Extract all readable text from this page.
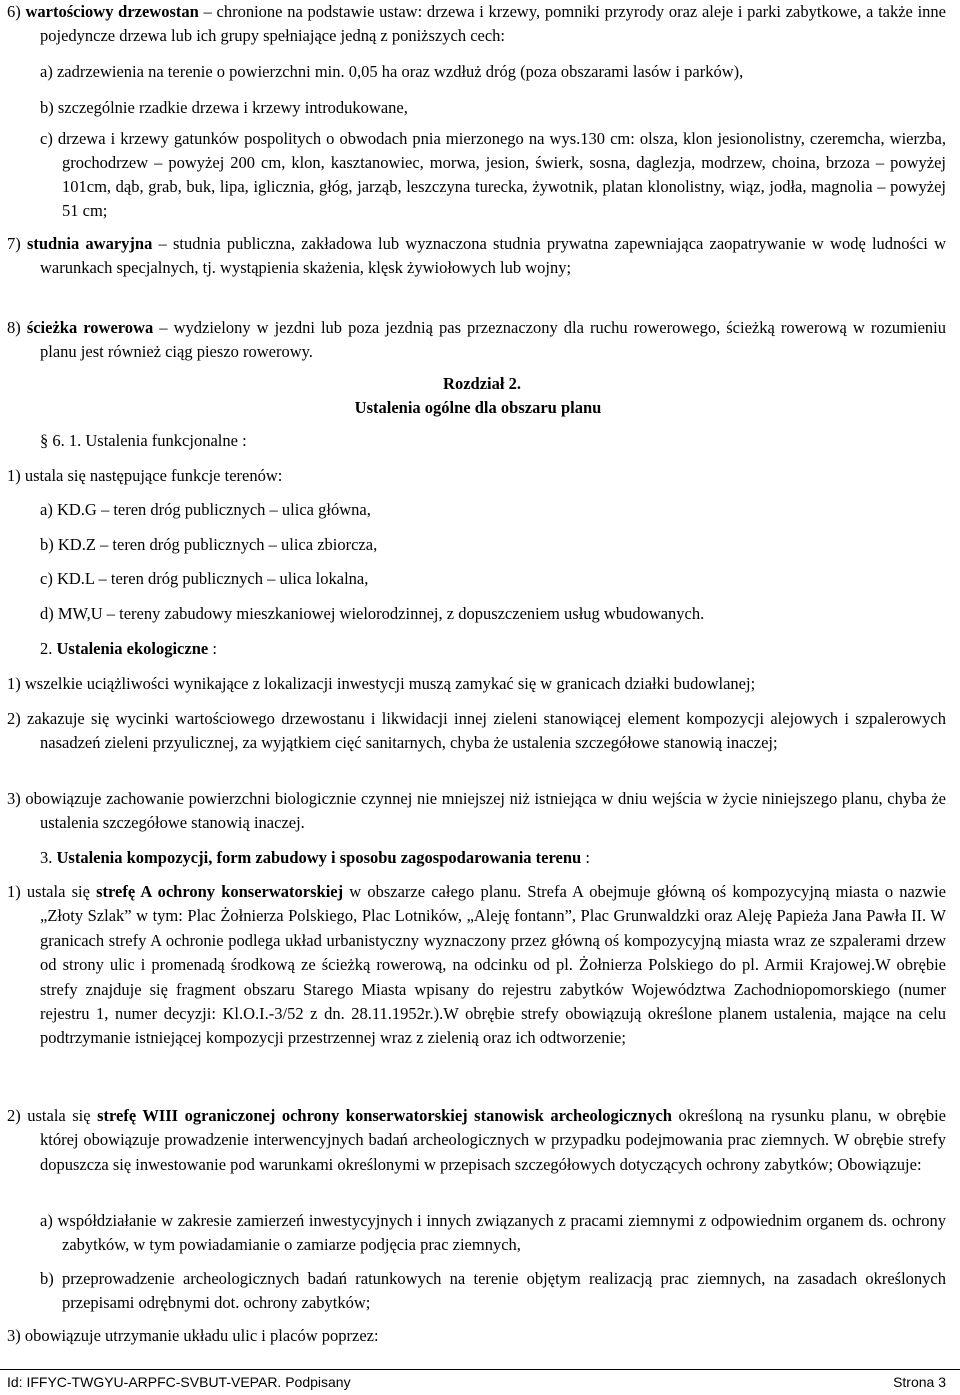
6) wartościowy drzewostan – chronione na podstawie ustaw: drzewa i krzewy, pomniki przyrody oraz aleje i parki zabytkowe, a także inne pojedyncze drzewa lub ich grupy spełniające jedną z poniższych cech:
a) zadrzewienia na terenie o powierzchni min. 0,05 ha oraz wzdłuż dróg (poza obszarami lasów i parków),
b) szczególnie rzadkie drzewa i krzewy introdukowane,
c) drzewa i krzewy gatunków pospolitych o obwodach pnia mierzonego na wys.130 cm: olsza, klon jesionolistny, czeremcha, wierzba, grochodrzew – powyżej 200 cm, klon, kasztanowiec, morwa, jesion, świerk, sosna, daglezja, modrzew, choina, brzoza – powyżej 101cm, dąb, grab, buk, lipa, iglicznia, głóg, jarząb, leszczyna turecka, żywotnik, platan klonolistny, wiąz, jodła, magnolia – powyżej 51 cm;
7) studnia awaryjna – studnia publiczna, zakładowa lub wyznaczona studnia prywatna zapewniająca zaopatrywanie w wodę ludności w warunkach specjalnych, tj. wystąpienia skażenia, klęsk żywiołowych lub wojny;
8) ścieżka rowerowa – wydzielony w jezdni lub poza jezdnią pas przeznaczony dla ruchu rowerowego, ścieżką rowerową w rozumieniu planu jest również ciąg pieszo rowerowy.
Rozdział 2.
Ustalenia ogólne dla obszaru planu
§ 6. 1. Ustalenia funkcjonalne :
1) ustala się następujące funkcje terenów:
a) KD.G – teren dróg publicznych – ulica główna,
b) KD.Z – teren dróg publicznych – ulica zbiorcza,
c) KD.L – teren dróg publicznych – ulica lokalna,
d) MW,U – tereny zabudowy mieszkaniowej wielorodzinnej, z dopuszczeniem usług wbudowanych.
2. Ustalenia ekologiczne :
1) wszelkie uciążliwości wynikające z lokalizacji inwestycji muszą zamykać się w granicach działki budowlanej;
2) zakazuje się wycinki wartościowego drzewostanu i likwidacji innej zieleni stanowiącej element kompozycji alejowych i szpalerowych nasadzeń zieleni przyulicznej, za wyjątkiem cięć sanitarnych, chyba że ustalenia szczegółowe stanowią inaczej;
3) obowiązuje zachowanie powierzchni biologicznie czynnej nie mniejszej niż istniejąca w dniu wejścia w życie niniejszego planu, chyba że ustalenia szczegółowe stanowią inaczej.
3. Ustalenia kompozycji, form zabudowy i sposobu zagospodarowania terenu :
1) ustala się strefę A ochrony konserwatorskiej w obszarze całego planu. Strefa A obejmuje główną oś kompozycyjną miasta o nazwie „Złoty Szlak” w tym: Plac Żołnierza Polskiego, Plac Lotników, „Aleję fontann”, Plac Grunwaldzki oraz Aleję Papieża Jana Pawła II. W granicach strefy A ochronie podlega układ urbanistyczny wyznaczony przez główną oś kompozycyjną miasta wraz ze szpalerami drzew od strony ulic i promenadą środkową ze ścieżką rowerową, na odcinku od pl. Żołnierza Polskiego do pl. Armii Krajowej.W obrębie strefy znajduje się fragment obszaru Starego Miasta wpisany do rejestru zabytków Województwa Zachodniopomorskiego (numer rejestru 1, numer decyzji: Kl.O.I.-3/52 z dn. 28.11.1952r.).W obrębie strefy obowiązują określone planem ustalenia, mające na celu podtrzymanie istniejącej kompozycji przestrzennej wraz z zielenią oraz ich odtworzenie;
2) ustala się strefę WIII ograniczonej ochrony konserwatorskiej stanowisk archeologicznych określoną na rysunku planu, w obrębie której obowiązuje prowadzenie interwencyjnych badań archeologicznych w przypadku podejmowania prac ziemnych. W obrębie strefy dopuszcza się inwestowanie pod warunkami określonymi w przepisach szczegółowych dotyczących ochrony zabytków; Obowiązuje:
a) współdziałanie w zakresie zamierzeń inwestycyjnych i innych związanych z pracami ziemnymi z odpowiednim organem ds. ochrony zabytków, w tym powiadamianie o zamiarze podjęcia prac ziemnych,
b) przeprowadzenie archeologicznych badań ratunkowych na terenie objętym realizacją prac ziemnych, na zasadach określonych przepisami odrębnymi dot. ochrony zabytków;
3) obowiązuje utrzymanie układu ulic i placów poprzez:
Id: IFFYC-TWGYU-ARPFC-SVBUT-VEPAR. Podpisany	Strona 3
